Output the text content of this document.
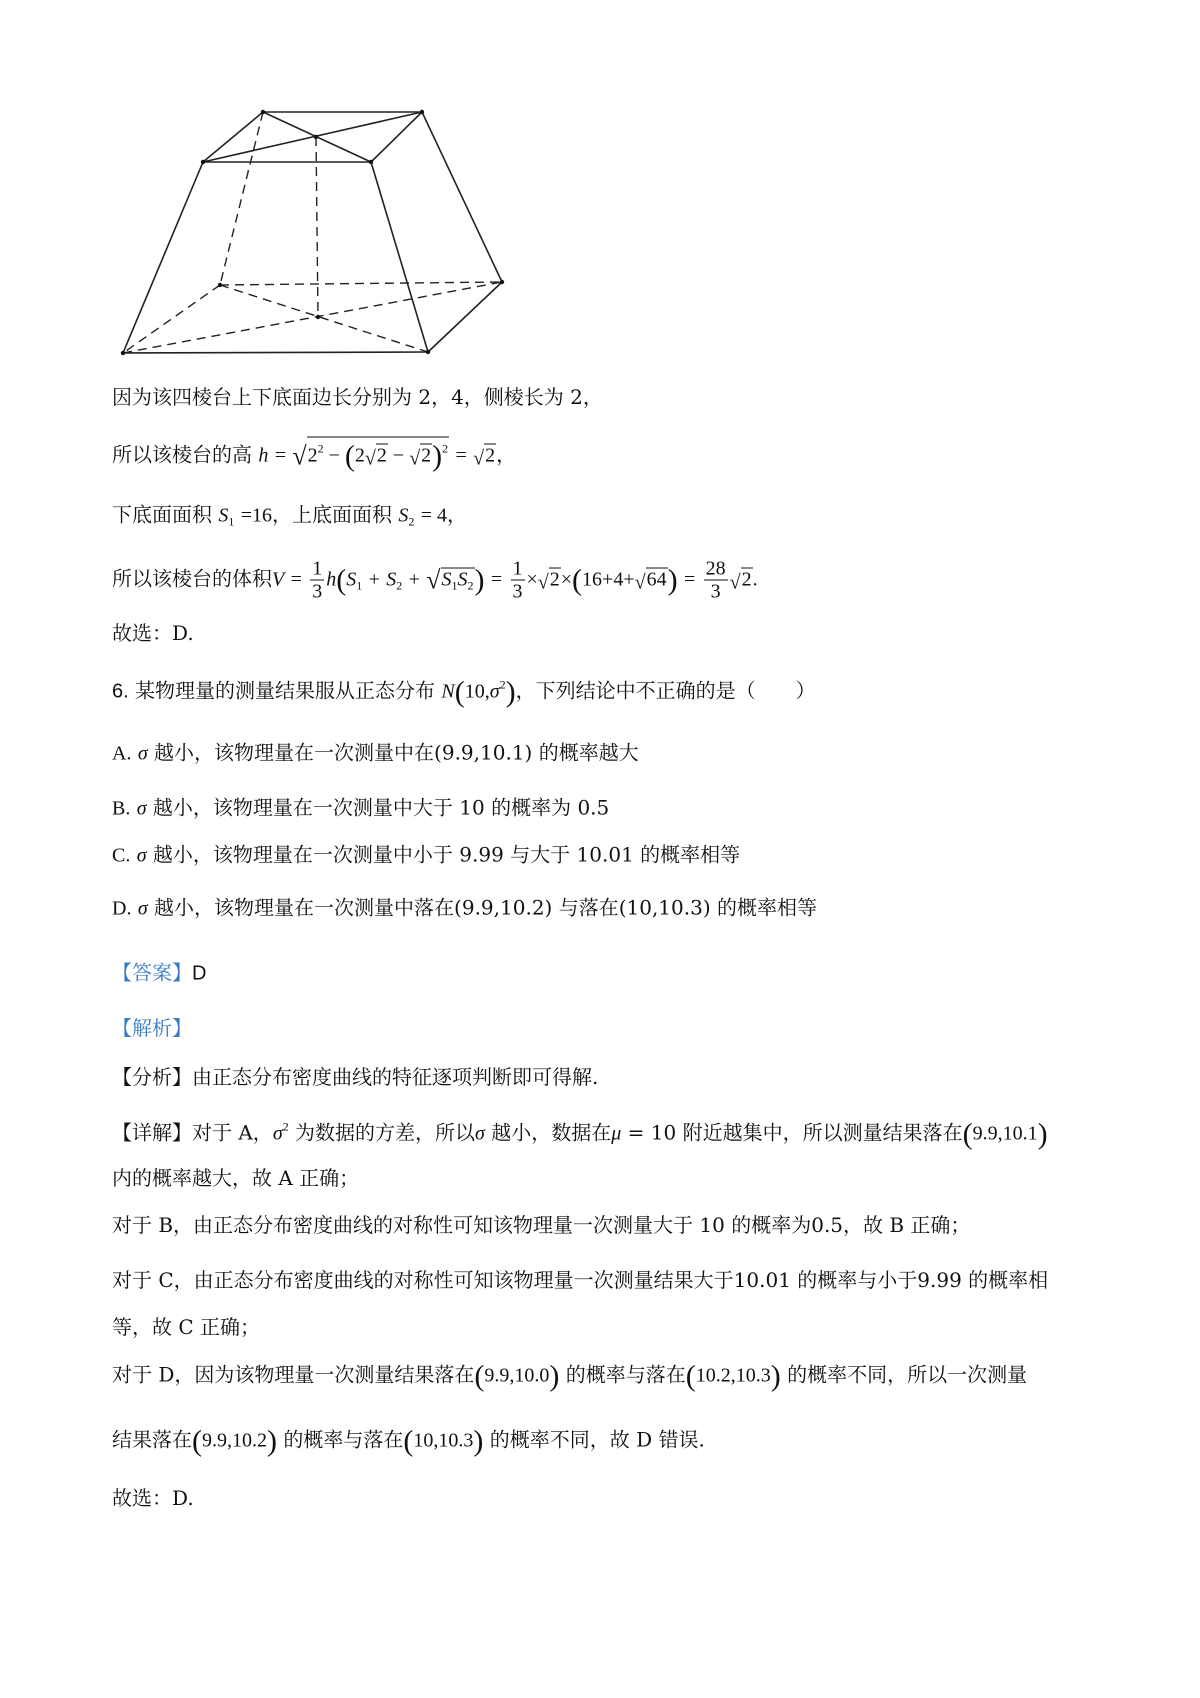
因为该四棱台上下底面边长分别为 2，4，侧棱长为 2，
所以该棱台的高 $h = √2^2 - (2√2 - √2)^2 = √2$，
下底面面积 $S_1 =16$，上底面面积 $S_2 = 4$，
所以该棱台的体积$V = \frac{1}{3} h(S_1 + S_2 + √S_1S_2) = \frac{1}{3} \times√2\times(16+4+√64) = \frac{28}{3} √2$.
故选：D.
6. 某物理量的测量结果服从正态分布 $N(10,\sigma^2)$，下列结论中不正确的是（　　）
A. σ 越小，该物理量在一次测量中在(9.9,10.1) 的概率越大
B. σ 越小，该物理量在一次测量中大于 10 的概率为 0.5
C. σ 越小，该物理量在一次测量中小于 9.99 与大于 10.01 的概率相等
D. σ 越小，该物理量在一次测量中落在(9.9,10.2) 与落在(10,10.3) 的概率相等
【答案】D
【解析】
【分析】由正态分布密度曲线的特征逐项判断即可得解.
【详解】对于 A，$\sigma^2$ 为数据的方差，所以σ 越小，数据在μ = 10 附近越集中，所以测量结果落在(9.9,10.1)
内的概率越大，故 A 正确；
对于 B，由正态分布密度曲线的对称性可知该物理量一次测量大于 10 的概率为0.5，故 B 正确；
对于 C，由正态分布密度曲线的对称性可知该物理量一次测量结果大于10.01 的概率与小于9.99 的概率相
等，故 C 正确；
对于 D，因为该物理量一次测量结果落在(9.9,10.0) 的概率与落在(10.2,10.3) 的概率不同，所以一次测量
结果落在(9.9,10.2) 的概率与落在(10,10.3) 的概率不同，故 D 错误.
故选：D.
